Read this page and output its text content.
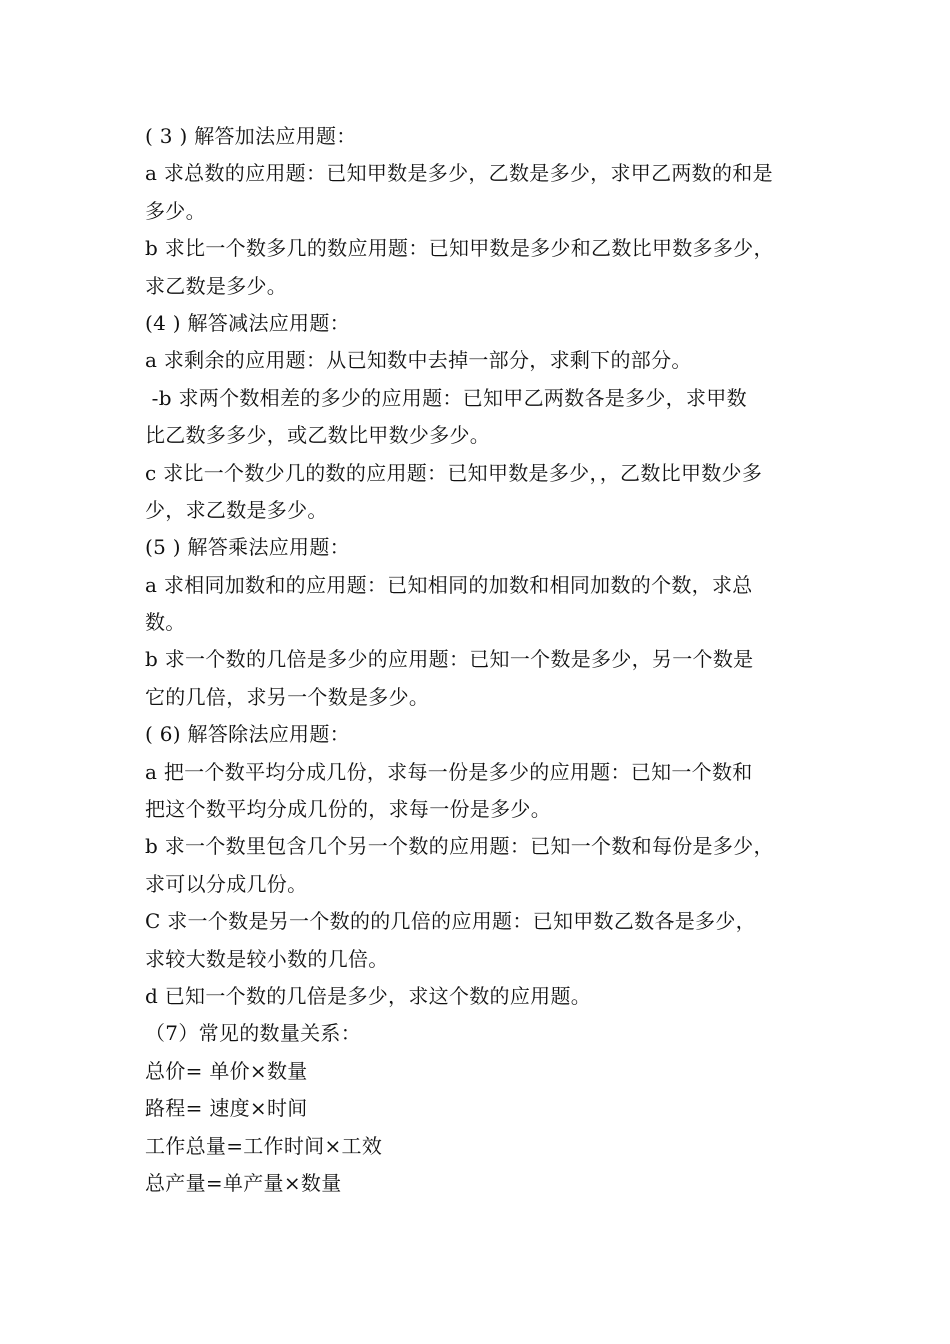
( 3 ) 解答加法应用题：
a 求总数的应用题：已知甲数是多少，乙数是多少，求甲乙两数的和是
多少。
b 求比一个数多几的数应用题：已知甲数是多少和乙数比甲数多多少，
求乙数是多少。
(4 ) 解答减法应用题：
a 求剩余的应用题：从已知数中去掉一部分，求剩下的部分。
-b 求两个数相差的多少的应用题：已知甲乙两数各是多少，求甲数
比乙数多多少，或乙数比甲数少多少。
c 求比一个数少几的数的应用题：已知甲数是多少，，乙数比甲数少多
少，求乙数是多少。
(5 ) 解答乘法应用题：
a 求相同加数和的应用题：已知相同的加数和相同加数的个数，求总
数。
b 求一个数的几倍是多少的应用题：已知一个数是多少，另一个数是
它的几倍，求另一个数是多少。
( 6) 解答除法应用题：
a 把一个数平均分成几份，求每一份是多少的应用题：已知一个数和
把这个数平均分成几份的，求每一份是多少。
b 求一个数里包含几个另一个数的应用题：已知一个数和每份是多少，
求可以分成几份。
C 求一个数是另一个数的的几倍的应用题：已知甲数乙数各是多少，
求较大数是较小数的几倍。
d 已知一个数的几倍是多少，求这个数的应用题。
（7）常见的数量关系：
总价= 单价×数量
路程= 速度×时间
工作总量=工作时间×工效
总产量=单产量×数量
